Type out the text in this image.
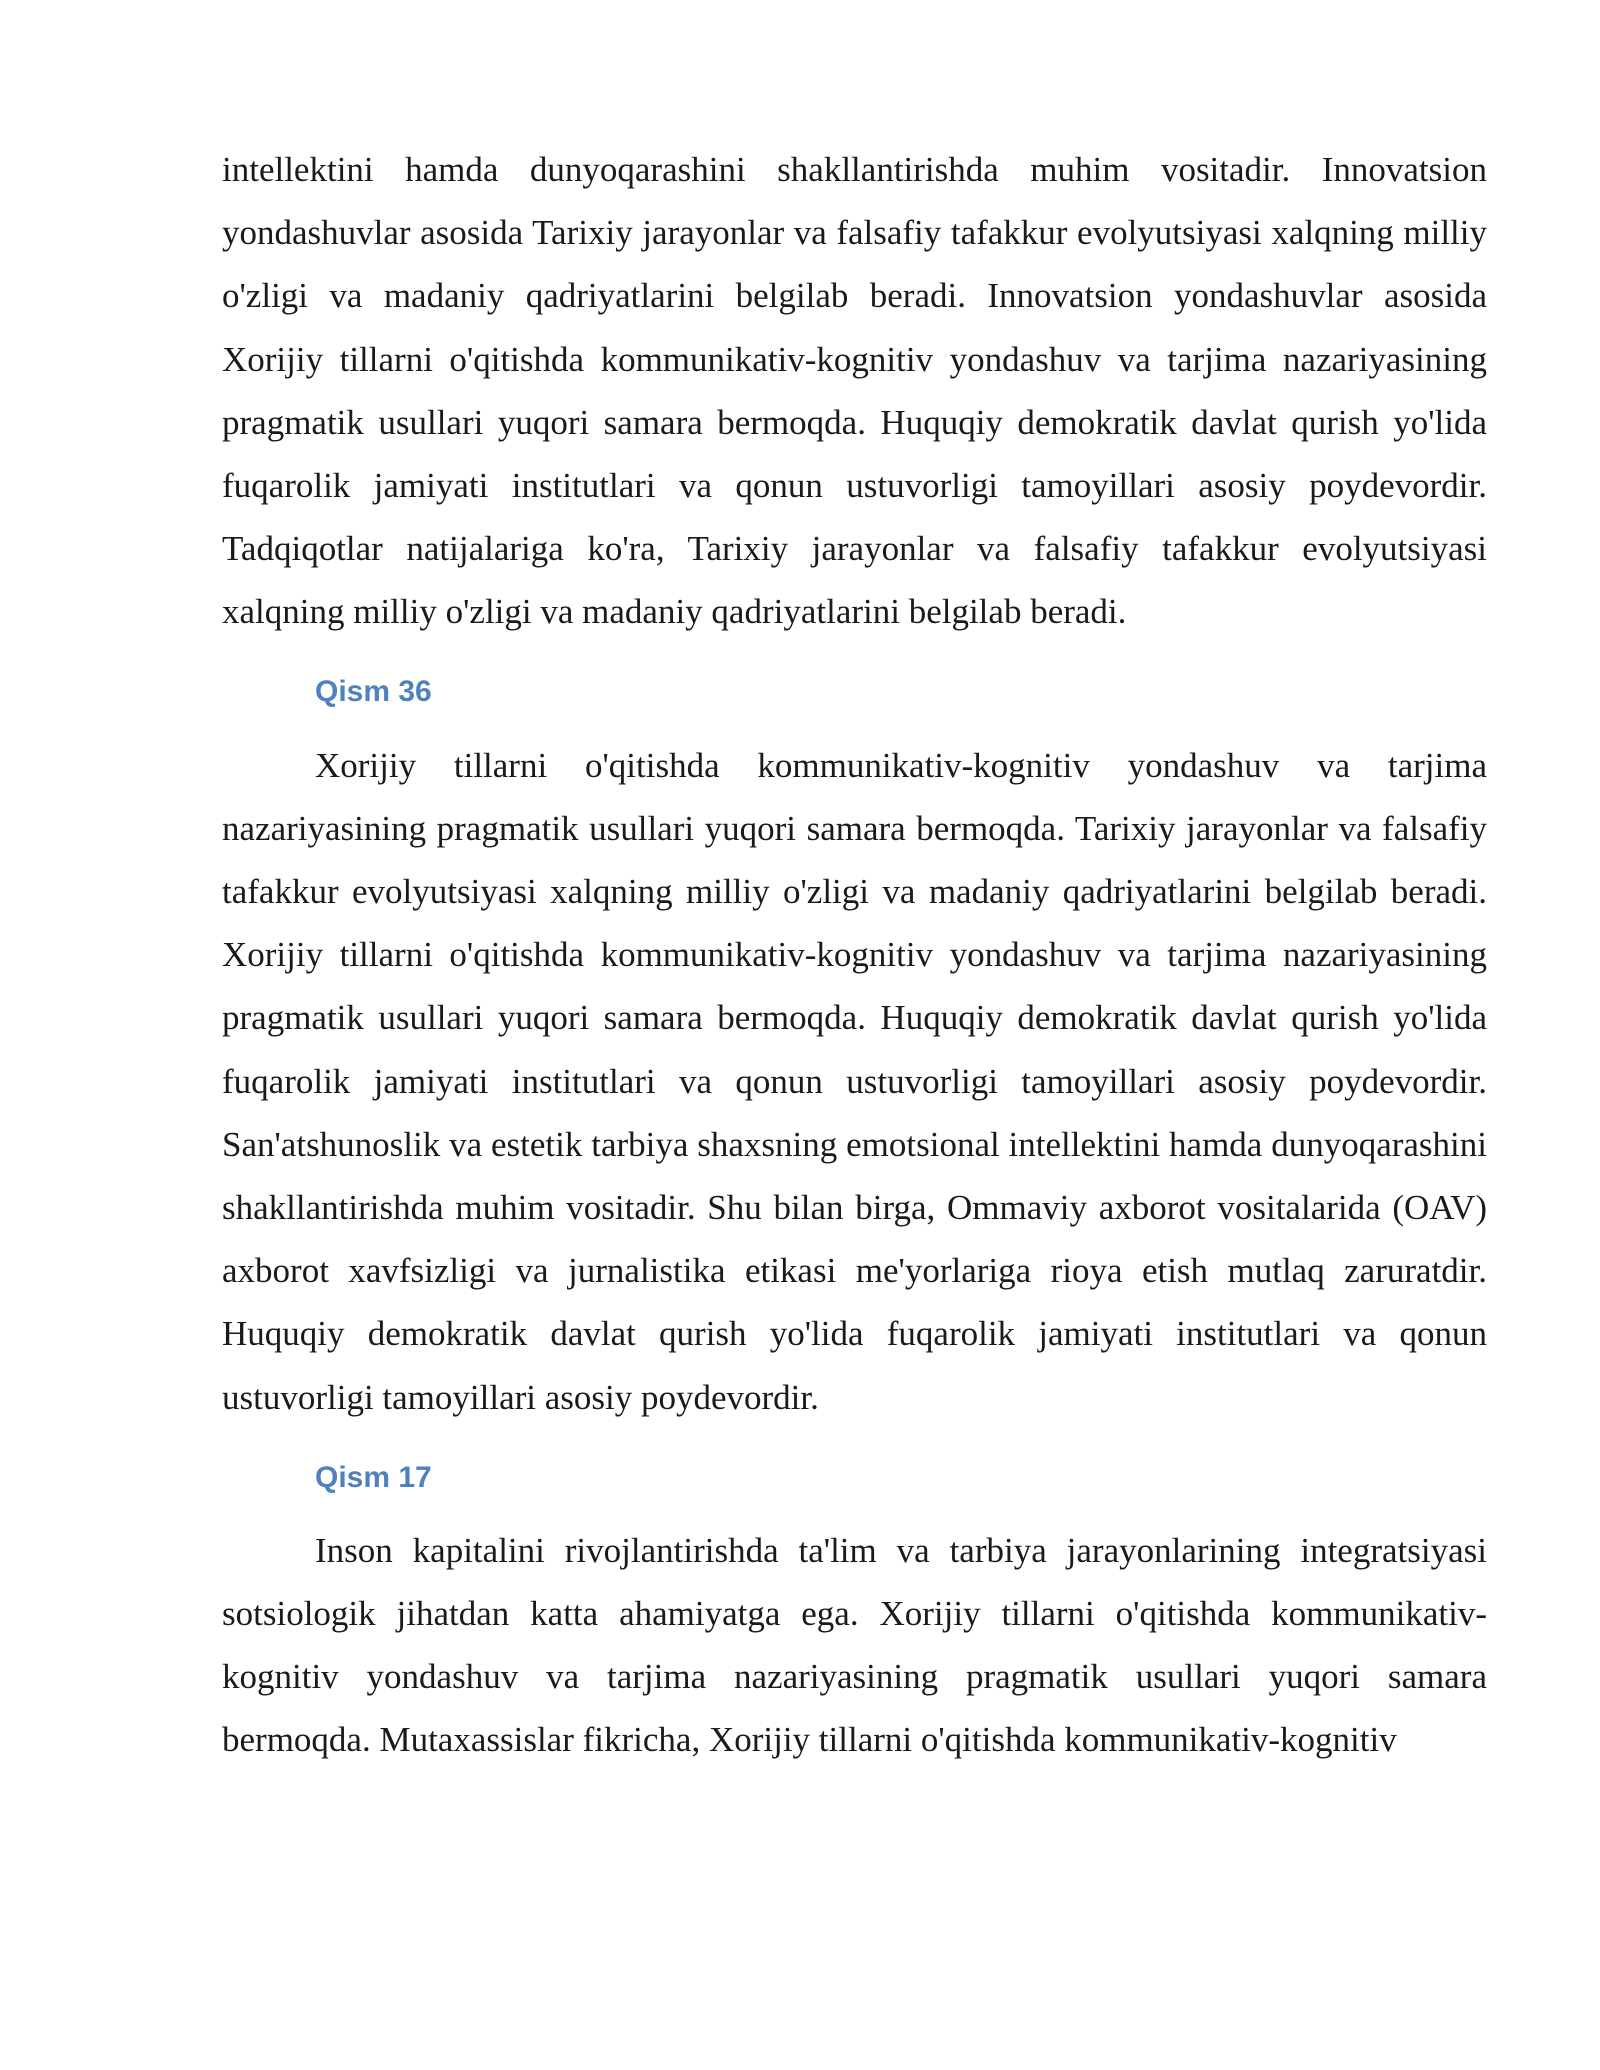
intellektini hamda dunyoqarashini shakllantirishda muhim vositadir. Innovatsion yondashuvlar asosida Tarixiy jarayonlar va falsafiy tafakkur evolyutsiyasi xalqning milliy o'zligi va madaniy qadriyatlarini belgilab beradi. Innovatsion yondashuvlar asosida Xorijiy tillarni o'qitishda kommunikativ-kognitiv yondashuv va tarjima nazariyasining pragmatik usullari yuqori samara bermoqda. Huquqiy demokratik davlat qurish yo'lida fuqarolik jamiyati institutlari va qonun ustuvorligi tamoyillari asosiy poydevordir. Tadqiqotlar natijalariga ko'ra, Tarixiy jarayonlar va falsafiy tafakkur evolyutsiyasi xalqning milliy o'zligi va madaniy qadriyatlarini belgilab beradi.

Qism 36

Xorijiy tillarni o'qitishda kommunikativ-kognitiv yondashuv va tarjima nazariyasining pragmatik usullari yuqori samara bermoqda. Tarixiy jarayonlar va falsafiy tafakkur evolyutsiyasi xalqning milliy o'zligi va madaniy qadriyatlarini belgilab beradi. Xorijiy tillarni o'qitishda kommunikativ-kognitiv yondashuv va tarjima nazariyasining pragmatik usullari yuqori samara bermoqda. Huquqiy demokratik davlat qurish yo'lida fuqarolik jamiyati institutlari va qonun ustuvorligi tamoyillari asosiy poydevordir. San'atshunoslik va estetik tarbiya shaxsning emotsional intellektini hamda dunyoqarashini shakllantirishda muhim vositadir. Shu bilan birga, Ommaviy axborot vositalarida (OAV) axborot xavfsizligi va jurnalistika etikasi me'yorlariga rioya etish mutlaq zaruratdir. Huquqiy demokratik davlat qurish yo'lida fuqarolik jamiyati institutlari va qonun ustuvorligi tamoyillari asosiy poydevordir.

Qism 17

Inson kapitalini rivojlantirishda ta'lim va tarbiya jarayonlarining integratsiyasi sotsiologik jihatdan katta ahamiyatga ega. Xorijiy tillarni o'qitishda kommunikativ-kognitiv yondashuv va tarjima nazariyasining pragmatik usullari yuqori samara bermoqda. Mutaxassislar fikricha, Xorijiy tillarni o'qitishda kommunikativ-kognitiv
